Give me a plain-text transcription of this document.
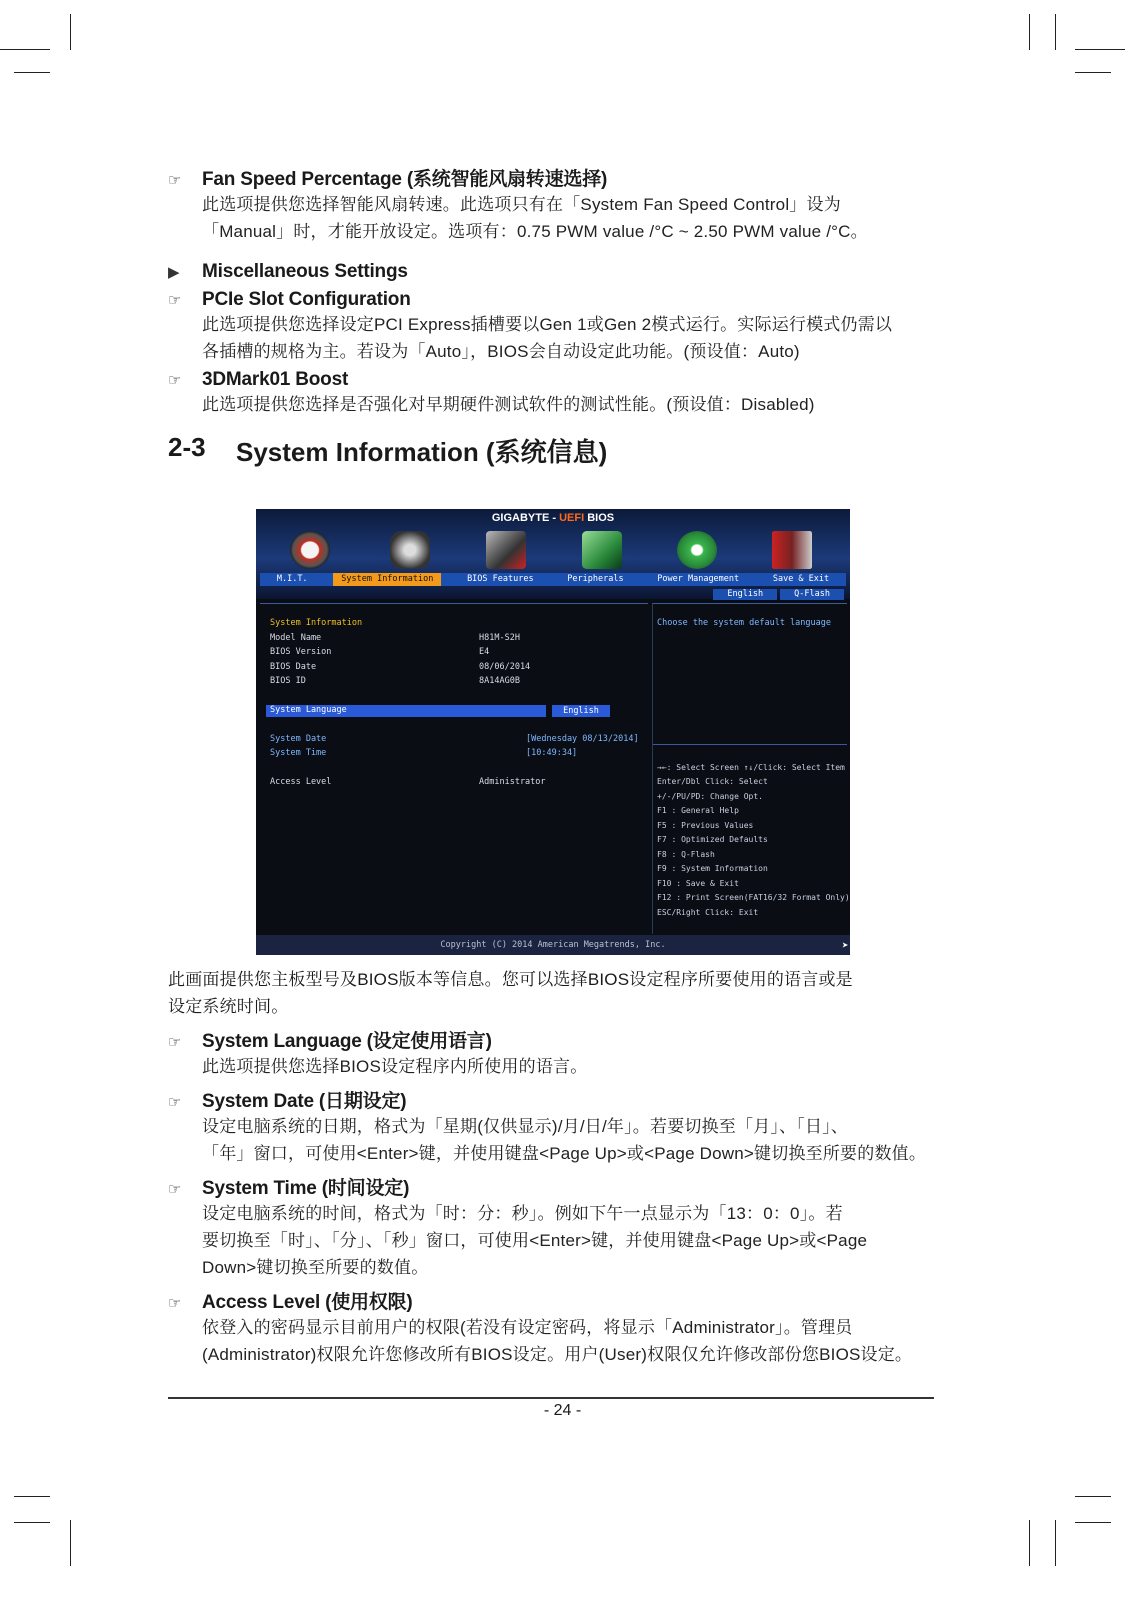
☞	Fan Speed Percentage (系统智能风扇转速选择)
此选项提供您选择智能风扇转速。此选项只有在「System Fan Speed Control」设为
「Manual」时，才能开放设定。选项有：0.75 PWM value /°C ~ 2.50 PWM value /°C。
▶	Miscellaneous Settings
☞	PCIe Slot Configuration
此选项提供您选择设定PCI Express插槽要以Gen 1或Gen 2模式运行。实际运行模式仍需以
各插槽的规格为主。若设为「Auto」，BIOS会自动设定此功能。(预设值：Auto)
☞	3DMark01 Boost
此选项提供您选择是否强化对早期硬件测试软件的测试性能。(预设值：Disabled)
2-3	System Information (系统信息)
GIGABYTE - UEFI BIOS
M.I.T.	System Information	BIOS Features	Peripherals	Power Management	Save & Exit
English	Q-Flash
System Information
Model Name	H81M-S2H
BIOS Version	E4
BIOS Date	08/06/2014
BIOS ID	8A14AG0B
System Language	English
System Date	[Wednesday 08/13/2014]
System Time	[10:49:34]
Access Level	Administrator
Choose the system default language
→←: Select Screen ↑↓/Click: Select Item
Enter/Dbl Click: Select
+/-/PU/PD: Change Opt.
F1 : General Help
F5 : Previous Values
F7 : Optimized Defaults
F8 : Q-Flash
F9 : System Information
F10 : Save & Exit
F12 : Print Screen(FAT16/32 Format Only)
ESC/Right Click: Exit
Copyright (C) 2014 American Megatrends, Inc.	➤
此画面提供您主板型号及BIOS版本等信息。您可以选择BIOS设定程序所要使用的语言或是
设定系统时间。
☞	System Language (设定使用语言)
此选项提供您选择BIOS设定程序内所使用的语言。
☞	System Date (日期设定)
设定电脑系统的日期，格式为「星期(仅供显示)/月/日/年」。若要切换至「月」、「日」、
「年」窗口，可使用<Enter>键，并使用键盘<Page Up>或<Page Down>键切换至所要的数值。
☞	System Time (时间设定)
设定电脑系统的时间，格式为「时：分：秒」。例如下午一点显示为「13：0：0」。若
要切换至「时」、「分」、「秒」窗口，可使用<Enter>键，并使用键盘<Page Up>或<Page
Down>键切换至所要的数值。
☞	Access Level (使用权限)
依登入的密码显示目前用户的权限(若没有设定密码，将显示「Administrator」。管理员
(Administrator)权限允许您修改所有BIOS设定。用户(User)权限仅允许修改部份您BIOS设定。
- 24 -
